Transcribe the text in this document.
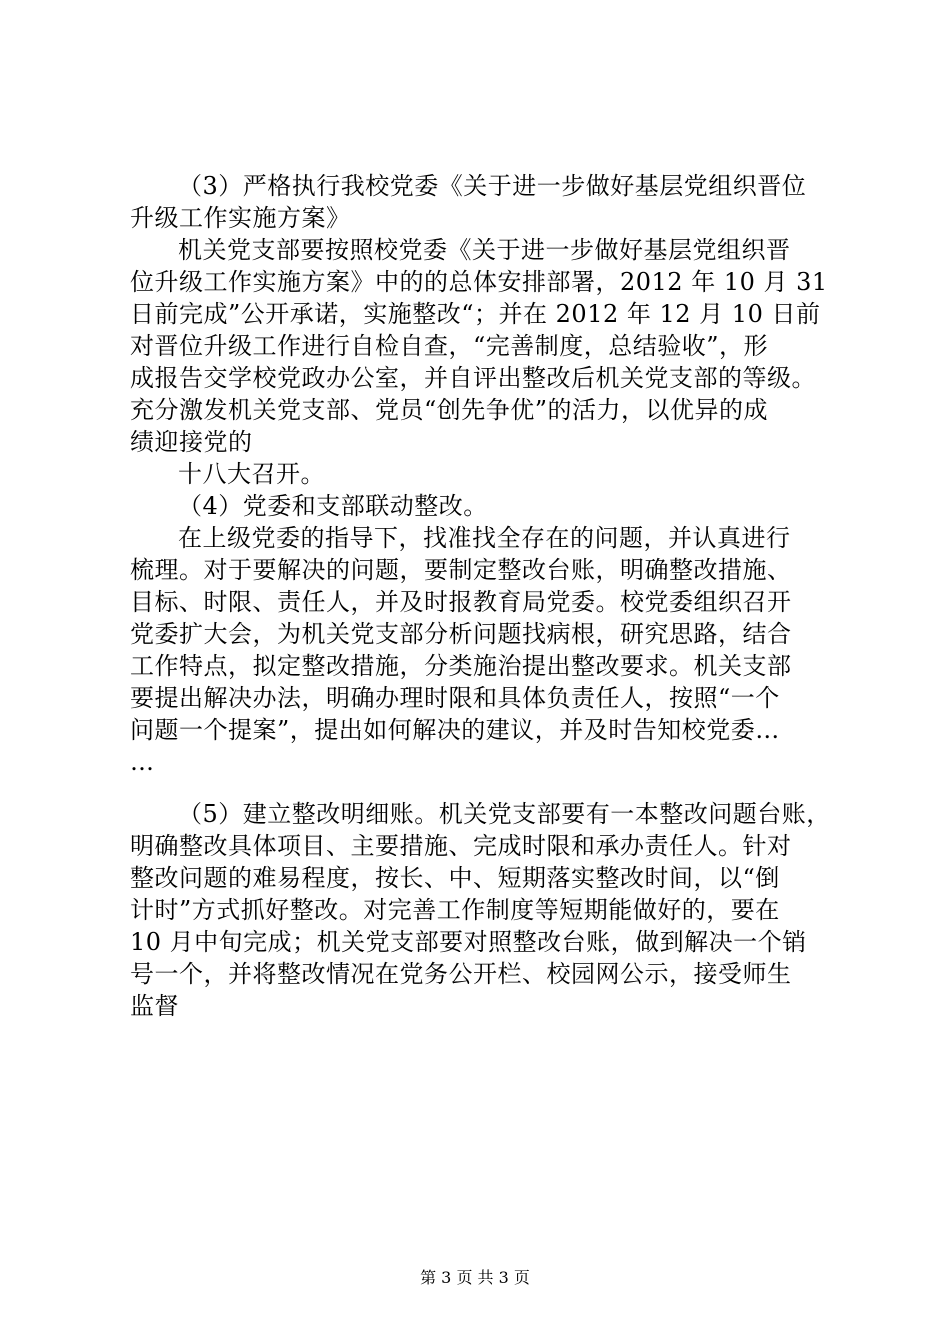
（3）严格执行我校党委《关于进一步做好基层党组织晋位
升级工作实施方案》
机关党支部要按照校党委《关于进一步做好基层党组织晋
位升级工作实施方案》中的的总体安排部署，2012 年 10 月 31
日前完成”公开承诺，实施整改“；并在 2012 年 12 月 10 日前
对晋位升级工作进行自检自查，“完善制度，总结验收”，形
成报告交学校党政办公室，并自评出整改后机关党支部的等级。
充分激发机关党支部、党员“创先争优”的活力，以优异的成
绩迎接党的
十八大召开。
（4）党委和支部联动整改。
在上级党委的指导下，找准找全存在的问题，并认真进行
梳理。对于要解决的问题，要制定整改台账，明确整改措施、
目标、时限、责任人，并及时报教育局党委。校党委组织召开
党委扩大会，为机关党支部分析问题找病根，研究思路，结合
工作特点，拟定整改措施，分类施治提出整改要求。机关支部
要提出解决办法，明确办理时限和具体负责任人，按照“一个
问题一个提案”，提出如何解决的建议，并及时告知校党委…
…
（5）建立整改明细账。机关党支部要有一本整改问题台账，
明确整改具体项目、主要措施、完成时限和承办责任人。针对
整改问题的难易程度，按长、中、短期落实整改时间，以“倒
计时”方式抓好整改。对完善工作制度等短期能做好的，要在
10 月中旬完成；机关党支部要对照整改台账，做到解决一个销
号一个，并将整改情况在党务公开栏、校园网公示，接受师生
监督
第 3 页 共 3 页
